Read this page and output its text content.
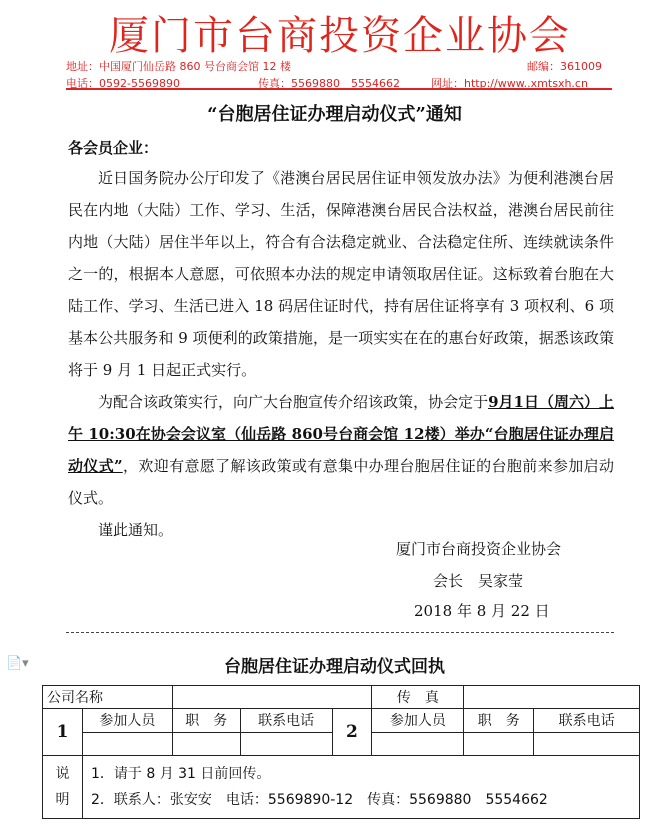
厦门市台商投资企业协会
地址：中国厦门仙岳路 860 号台商会馆 12 楼	邮编：361009
电话：0592-5569890	传真：5569880　5554662	网址：http://www..xmtsxh.cn
“台胞居住证办理启动仪式”通知
各会员企业：

近日国务院办公厅印发了《港澳台居民居住证申领发放办法》为便利港澳台居民在内地（大陆）工作、学习、生活，保障港澳台居民合法权益，港澳台居民前往内地（大陆）居住半年以上，符合有合法稳定就业、合法稳定住所、连续就读条件之一的，根据本人意愿，可依照本办法的规定申请领取居住证。这标致着台胞在大陆工作、学习、生活已进入 18 码居住证时代，持有居住证将享有 3 项权利、6 项基本公共服务和 9 项便利的政策措施，是一项实实在在的惠台好政策，据悉该政策将于 9 月 1 日起正式实行。

为配合该政策实行，向广大台胞宣传介绍该政策，协会定于9月1日（周六）上午 10:30在协会会议室（仙岳路 860号台商会馆 12楼）举办“台胞居住证办理启动仪式”，欢迎有意愿了解该政策或有意集中办理台胞居住证的台胞前来参加启动仪式。

谨此通知。

厦门市台商投资企业协会
会长　吴家莹
2018 年 8 月 22 日
📄▾	台胞居住证办理启动仪式回执
公司名称					传　真		
1	参加人员	职　务	联系电话	2	参加人员	职　务	联系电话

说明	1．请于 8 月 31 日前回传。
2．联系人：张安安　电话：5569890-12　传真：5569880　5554662						
